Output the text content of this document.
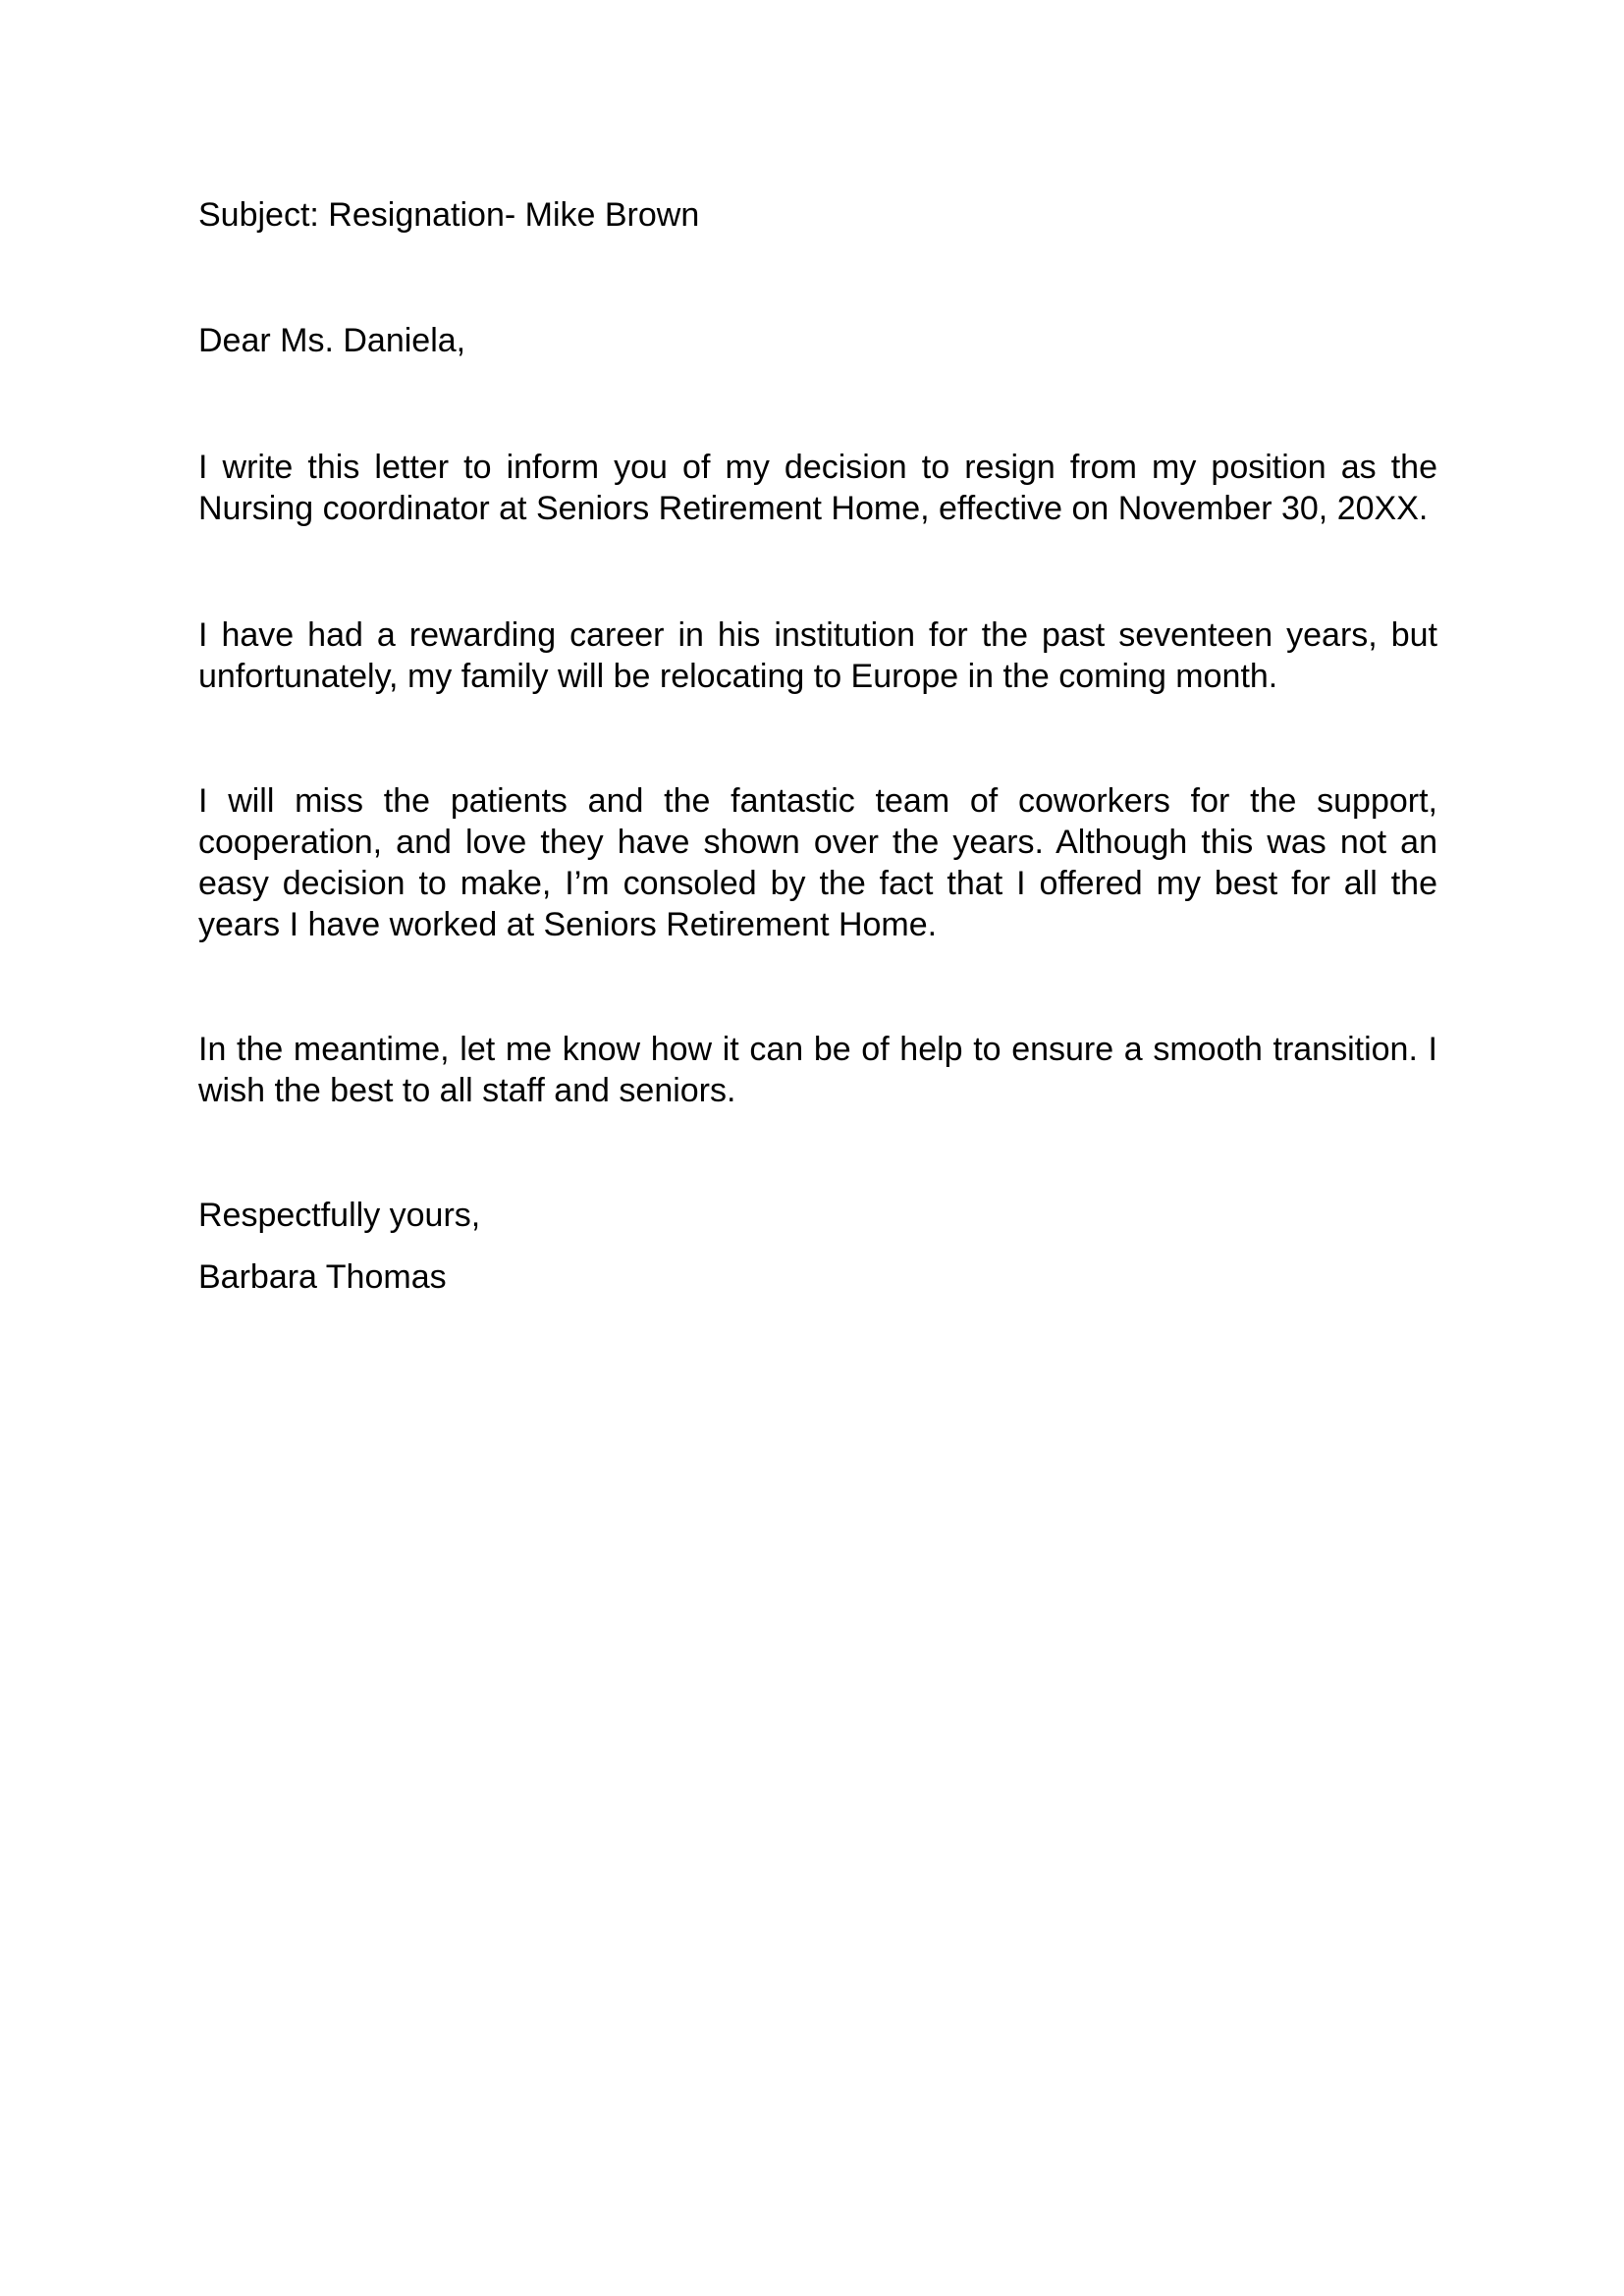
Subject: Resignation- Mike Brown

Dear Ms. Daniela,

I write this letter to inform you of my decision to resign from my position as the Nursing coordinator at Seniors Retirement Home, effective on November 30, 20XX.

I have had a rewarding career in his institution for the past seventeen years, but unfortunately, my family will be relocating to Europe in the coming month.

I will miss the patients and the fantastic team of coworkers for the support, cooperation, and love they have shown over the years. Although this was not an easy decision to make, I’m consoled by the fact that I offered my best for all the years I have worked at Seniors Retirement Home.

In the meantime, let me know how it can be of help to ensure a smooth transition. I wish the best to all staff and seniors.

Respectfully yours,

Barbara Thomas
